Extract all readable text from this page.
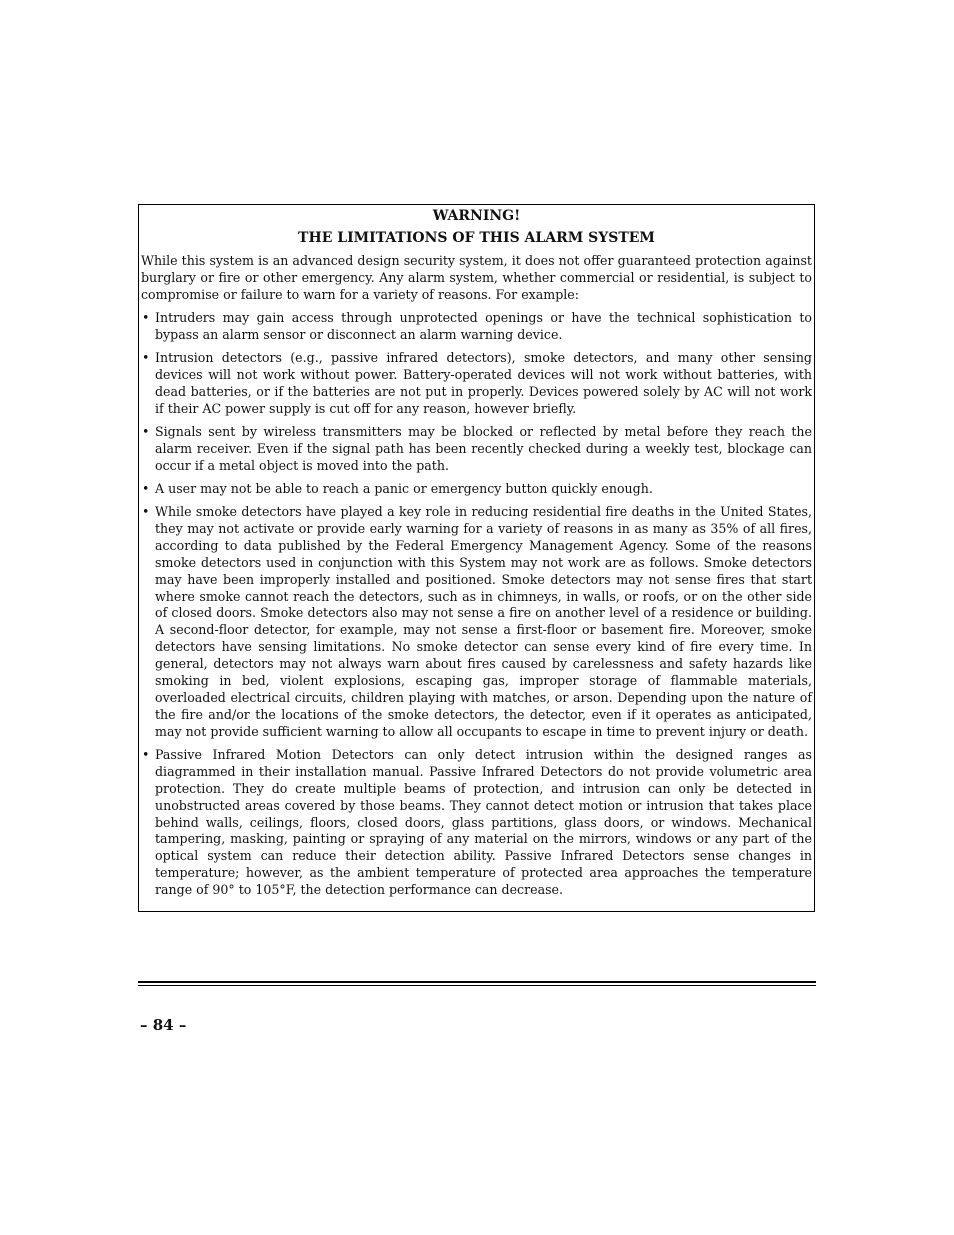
WARNING!
THE LIMITATIONS OF THIS ALARM SYSTEM

While this system is an advanced design security system, it does not offer guaranteed protection against burglary or fire or other emergency. Any alarm system, whether commercial or residential, is subject to compromise or failure to warn for a variety of reasons. For example:

• Intruders may gain access through unprotected openings or have the technical sophistication to bypass an alarm sensor or disconnect an alarm warning device.
• Intrusion detectors (e.g., passive infrared detectors), smoke detectors, and many other sensing devices will not work without power. Battery-operated devices will not work without batteries, with dead batteries, or if the batteries are not put in properly. Devices powered solely by AC will not work if their AC power supply is cut off for any reason, however briefly.
• Signals sent by wireless transmitters may be blocked or reflected by metal before they reach the alarm receiver. Even if the signal path has been recently checked during a weekly test, blockage can occur if a metal object is moved into the path.
• A user may not be able to reach a panic or emergency button quickly enough.
• While smoke detectors have played a key role in reducing residential fire deaths in the United States, they may not activate or provide early warning for a variety of reasons in as many as 35% of all fires, according to data published by the Federal Emergency Management Agency. Some of the reasons smoke detectors used in conjunction with this System may not work are as follows. Smoke detectors may have been improperly installed and positioned. Smoke detectors may not sense fires that start where smoke cannot reach the detectors, such as in chimneys, in walls, or roofs, or on the other side of closed doors. Smoke detectors also may not sense a fire on another level of a residence or building. A second-floor detector, for example, may not sense a first-floor or basement fire. Moreover, smoke detectors have sensing limitations. No smoke detector can sense every kind of fire every time. In general, detectors may not always warn about fires caused by carelessness and safety hazards like smoking in bed, violent explosions, escaping gas, improper storage of flammable materials, overloaded electrical circuits, children playing with matches, or arson. Depending upon the nature of the fire and/or the locations of the smoke detectors, the detector, even if it operates as anticipated, may not provide sufficient warning to allow all occupants to escape in time to prevent injury or death.
• Passive Infrared Motion Detectors can only detect intrusion within the designed ranges as diagrammed in their installation manual. Passive Infrared Detectors do not provide volumetric area protection. They do create multiple beams of protection, and intrusion can only be detected in unobstructed areas covered by those beams. They cannot detect motion or intrusion that takes place behind walls, ceilings, floors, closed doors, glass partitions, glass doors, or windows. Mechanical tampering, masking, painting or spraying of any material on the mirrors, windows or any part of the optical system can reduce their detection ability. Passive Infrared Detectors sense changes in temperature; however, as the ambient temperature of protected area approaches the temperature range of 90° to 105°F, the detection performance can decrease.
– 84 –
